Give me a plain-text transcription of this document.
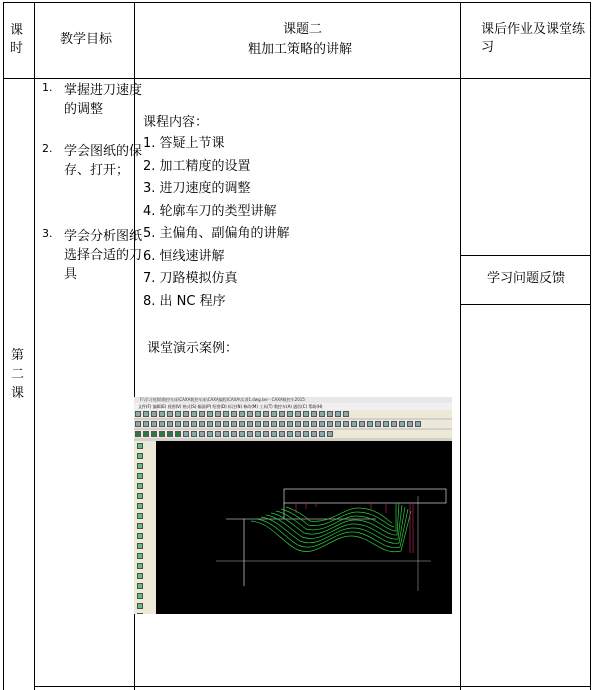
课
时
教学目标
课题二
粗加工策略的讲解
课后作业及课堂练
习
第
二
课
1. 掌握进刀速度的调整
2. 学会图纸的保存、打开；
3. 学会分析图纸选择合适的刀具
课程内容：
1. 答疑上节课
2. 加工精度的设置
3. 进刀速度的调整
4. 轮廓车刀的类型讲解
5. 主偏角、副偏角的讲解
6. 恒线速讲解
7. 刀路模拟仿真
8. 出 NC 程序
课堂演示案例：
学习问题反馈
F:\学习视频\数控车床\CAXA数控车床\CAXA编程\CAXA\实训1.dwg.lxe - CAXA数控车2015
文件(F) 编辑(E) 视图(V) 格式(S) 幅面(P) 绘图(D) 标注(N) 修改(M) 工具(T) 数控车(A) 通信(C) 帮助(H)
